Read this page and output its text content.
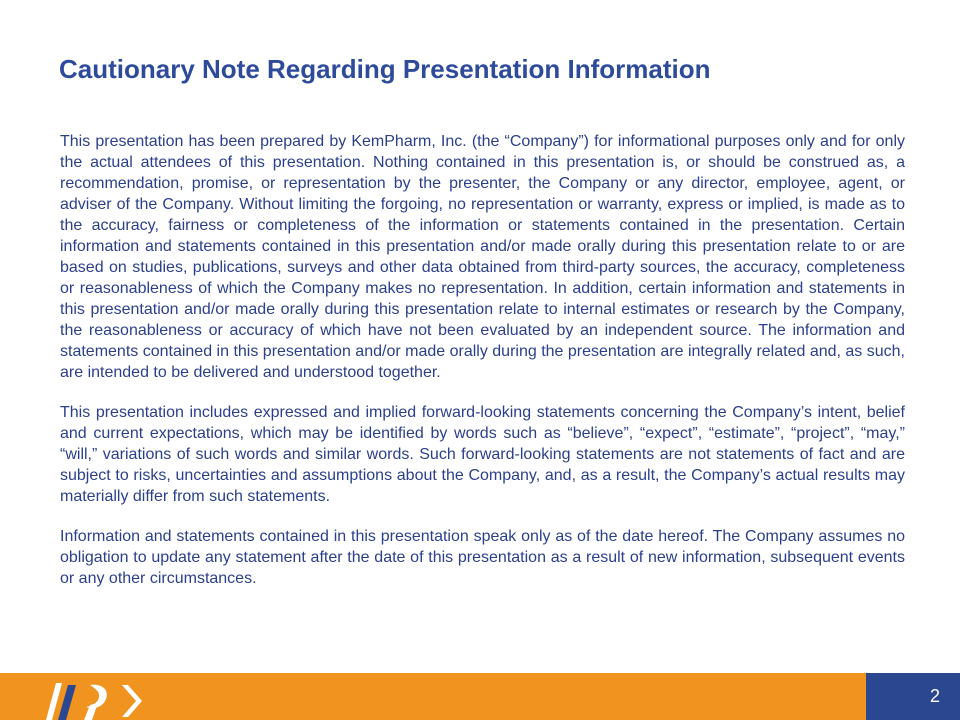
Cautionary Note Regarding Presentation Information

This presentation has been prepared by KemPharm, Inc. (the “Company”) for informational purposes only and for only the actual attendees of this presentation. Nothing contained in this presentation is, or should be construed as, a recommendation, promise, or representation by the presenter, the Company or any director, employee, agent, or adviser of the Company. Without limiting the forgoing, no representation or warranty, express or implied, is made as to the accuracy, fairness or completeness of the information or statements contained in the presentation. Certain information and statements contained in this presentation and/or made orally during this presentation relate to or are based on studies, publications, surveys and other data obtained from third-party sources, the accuracy, completeness or reasonableness of which the Company makes no representation. In addition, certain information and statements in this presentation and/or made orally during this presentation relate to internal estimates or research by the Company, the reasonableness or accuracy of which have not been evaluated by an independent source. The information and statements contained in this presentation and/or made orally during the presentation are integrally related and, as such, are intended to be delivered and understood together.

This presentation includes expressed and implied forward-looking statements concerning the Company’s intent, belief and current expectations, which may be identified by words such as “believe”, “expect”, “estimate”, “project”, “may,” “will,” variations of such words and similar words. Such forward-looking statements are not statements of fact and are subject to risks, uncertainties and assumptions about the Company, and, as a result, the Company’s actual results may materially differ from such statements.

Information and statements contained in this presentation speak only as of the date hereof. The Company assumes no obligation to update any statement after the date of this presentation as a result of new information, subsequent events or any other circumstances.

2
